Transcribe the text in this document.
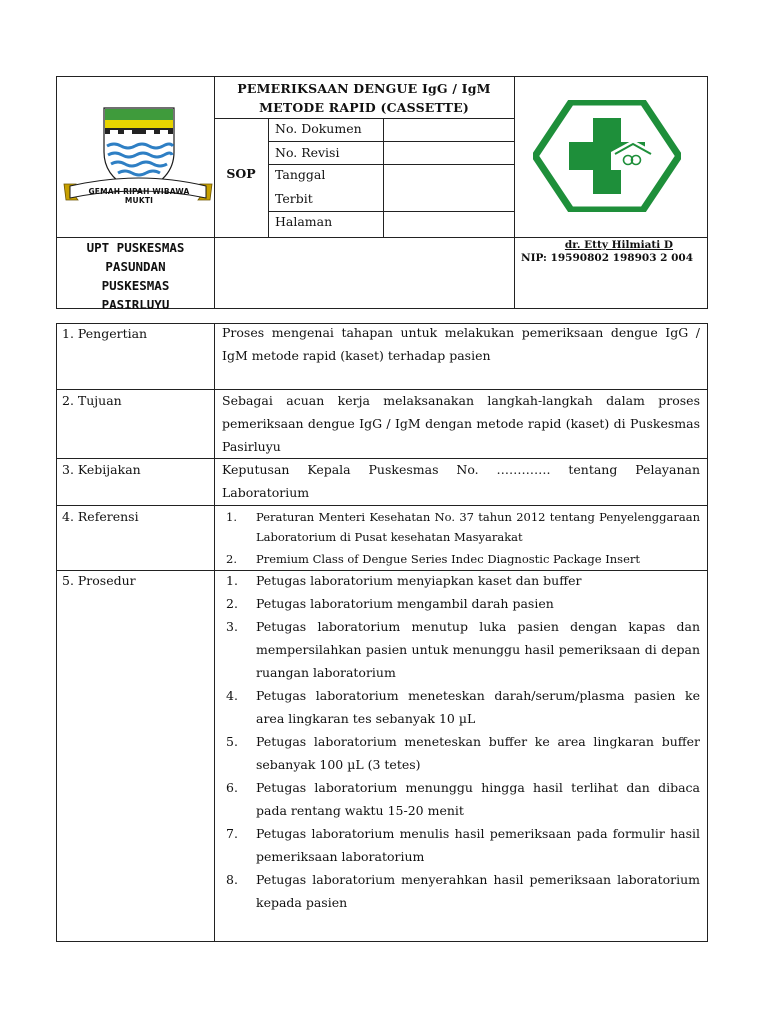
GEMAH RIPAH WIBAWA MUKTI
PEMERIKSAAN DENGUE IgG / IgM
METODE RAPID (CASSETTE)
SOP
No. Dokumen
No. Revisi
Tanggal
Terbit
Halaman
UPT PUSKESMAS
PASUNDAN
PUSKESMAS
PASIRLUYU
dr. Etty Hilmiati D
NIP: 19590802 198903 2 004
1. Pengertian	Proses mengenai tahapan untuk melakukan pemeriksaan dengue IgG / IgM metode rapid (kaset) terhadap pasien
2. Tujuan	Sebagai acuan kerja melaksanakan langkah-langkah dalam proses pemeriksaan dengue IgG / IgM dengan metode rapid (kaset) di Puskesmas Pasirluyu
3. Kebijakan	Keputusan Kepala Puskesmas No. …………. tentang Pelayanan Laboratorium
4. Referensi	1. Peraturan Menteri Kesehatan No. 37 tahun 2012 tentang Penyelenggaraan Laboratorium di Pusat kesehatan Masyarakat
2. Premium Class of Dengue Series Indec Diagnostic Package Insert
5. Prosedur	1. Petugas laboratorium menyiapkan kaset dan buffer
2. Petugas laboratorium mengambil darah pasien
3. Petugas laboratorium menutup luka pasien dengan kapas dan mempersilahkan pasien untuk menunggu hasil pemeriksaan di depan ruangan laboratorium
4. Petugas laboratorium meneteskan darah/serum/plasma pasien ke area lingkaran tes sebanyak 10 µL
5. Petugas laboratorium meneteskan buffer ke area lingkaran buffer sebanyak 100 µL (3 tetes)
6. Petugas laboratorium menunggu hingga hasil terlihat dan dibaca pada rentang waktu 15-20 menit
7. Petugas laboratorium menulis hasil pemeriksaan pada formulir hasil pemeriksaan laboratorium
8. Petugas laboratorium menyerahkan hasil pemeriksaan laboratorium kepada pasien
